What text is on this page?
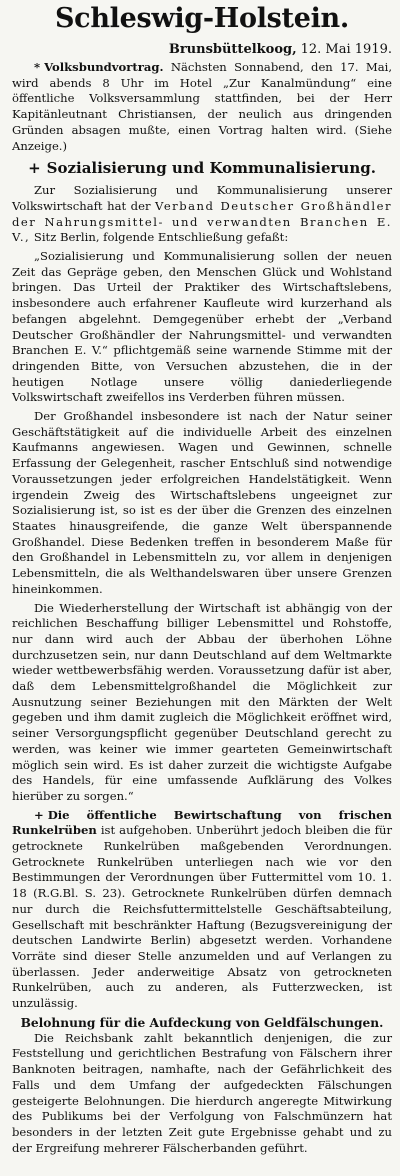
Schleswig-Holstein.
Brunsbüttelkoog, 12. Mai 1919.

* Volksbundvortrag. Nächsten Sonnabend, den 17. Mai, wird abends 8 Uhr im Hotel „Zur Kanalmündung“ eine öffentliche Volksversammlung stattfinden, bei der Herr Kapitänleutnant Christiansen, der neulich aus dringenden Gründen absagen mußte, einen Vortrag halten wird. (Siehe Anzeige.)

+ Sozialisierung und Kommunalisierung.

Zur Sozialisierung und Kommunalisierung unserer Volkswirtschaft hat der Verband Deutscher Großhändler der Nahrungsmittel- und verwandten Branchen E. V., Sitz Berlin, folgende Entschließung gefaßt:

„Sozialisierung und Kommunalisierung sollen der neuen Zeit das Gepräge geben, den Menschen Glück und Wohlstand bringen. Das Urteil der Praktiker des Wirtschaftslebens, insbesondere auch erfahrener Kaufleute wird kurzerhand als befangen abgelehnt. Demgegenüber erhebt der „Verband Deutscher Großhändler der Nahrungsmittel- und verwandten Branchen E. V.“ pflichtgemäß seine warnende Stimme mit der dringenden Bitte, von Versuchen abzustehen, die in der heutigen Notlage unsere völlig daniederliegende Volkswirtschaft zweifellos ins Verderben führen müssen.

Der Großhandel insbesondere ist nach der Natur seiner Geschäftstätigkeit auf die individuelle Arbeit des einzelnen Kaufmanns angewiesen. Wagen und Gewinnen, schnelle Erfassung der Gelegenheit, rascher Entschluß sind notwendige Voraussetzungen jeder erfolgreichen Handelstätigkeit. Wenn irgendein Zweig des Wirtschaftslebens ungeeignet zur Sozialisierung ist, so ist es der über die Grenzen des einzelnen Staates hinausgreifende, die ganze Welt überspannende Großhandel. Diese Bedenken treffen in besonderem Maße für den Großhandel in Lebensmitteln zu, vor allem in denjenigen Lebensmitteln, die als Welthandelswaren über unsere Grenzen hineinkommen.

Die Wiederherstellung der Wirtschaft ist abhängig von der reichlichen Beschaffung billiger Lebensmittel und Rohstoffe, nur dann wird auch der Abbau der überhohen Löhne durchzusetzen sein, nur dann Deutschland auf dem Weltmarkte wieder wettbewerbsfähig werden. Voraussetzung dafür ist aber, daß dem Lebensmittelgroßhandel die Möglichkeit zur Ausnutzung seiner Beziehungen mit den Märkten der Welt gegeben und ihm damit zugleich die Möglichkeit eröffnet wird, seiner Versorgungspflicht gegenüber Deutschland gerecht zu werden, was keiner wie immer gearteten Gemeinwirtschaft möglich sein wird. Es ist daher zurzeit die wichtigste Aufgabe des Handels, für eine umfassende Aufklärung des Volkes hierüber zu sorgen.“

+ Die öffentliche Bewirtschaftung von frischen Runkelrüben ist aufgehoben. Unberührt jedoch bleiben die für getrocknete Runkelrüben maßgebenden Verordnungen. Getrocknete Runkelrüben unterliegen nach wie vor den Bestimmungen der Verordnungen über Futtermittel vom 10. 1. 18 (R.G.Bl. S. 23). Getrocknete Runkelrüben dürfen demnach nur durch die Reichsfuttermittelstelle Geschäftsabteilung, Gesellschaft mit beschränkter Haftung (Bezugsvereinigung der deutschen Landwirte Berlin) abgesetzt werden. Vorhandene Vorräte sind dieser Stelle anzumelden und auf Verlangen zu überlassen. Jeder anderweitige Absatz von getrockneten Runkelrüben, auch zu anderen, als Futterzwecken, ist unzulässig.

Belohnung für die Aufdeckung von Geldfälschungen.

Die Reichsbank zahlt bekanntlich denjenigen, die zur Feststellung und gerichtlichen Bestrafung von Fälschern ihrer Banknoten beitragen, namhafte, nach der Gefährlichkeit des Falls und dem Umfang der aufgedeckten Fälschungen gesteigerte Belohnungen. Die hierdurch angeregte Mitwirkung des Publikums bei der Verfolgung von Falschmünzern hat besonders in der letzten Zeit gute Ergebnisse gehabt und zu der Ergreifung mehrerer Fälscherbanden geführt.
